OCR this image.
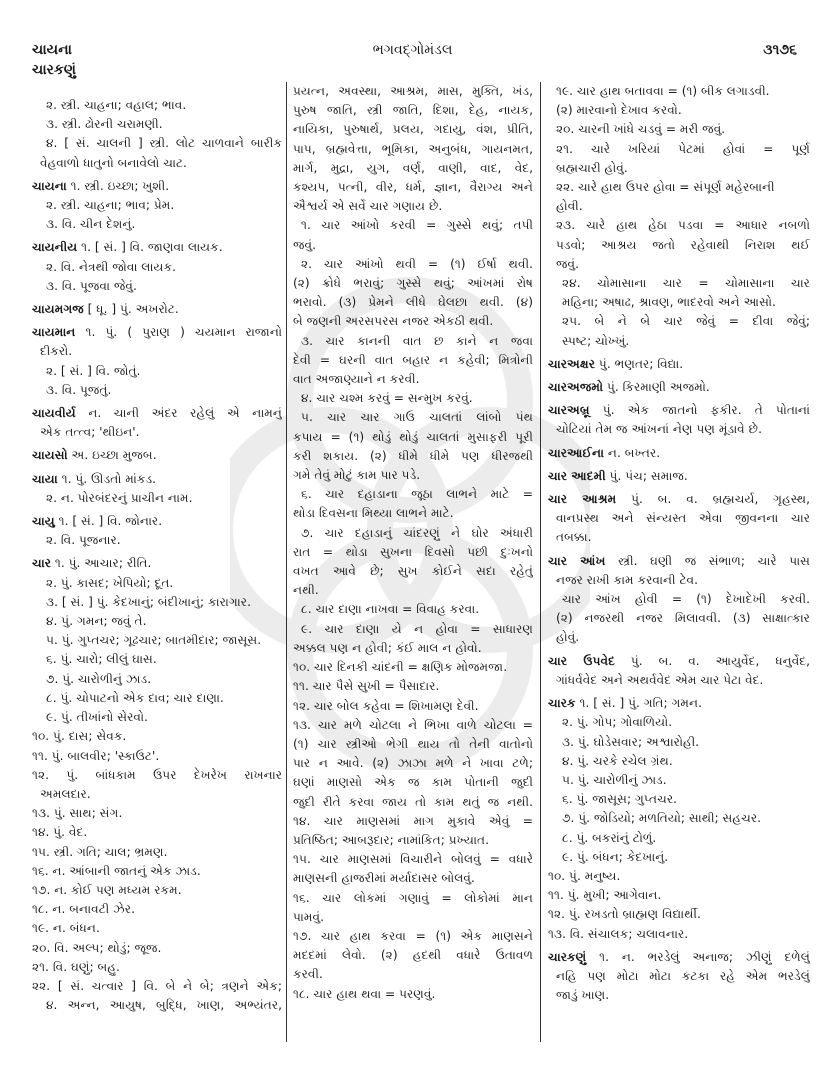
ચાયના
ચારકણું
ભગવદ્ગોમંડલ	૩૧૭૬
૨. સ્ત્રી. ચાહના; વહાલ; ભાવ.
૩. સ્ત્રી. ઢોરની ચરામણી.
૪. [ સં. ચાલની ] સ્ત્રી. લોટ ચાળવાને બારીક
વેહવાળો ધાતુનો બનાવેલો ચાટ.
ચાયના ૧. સ્ત્રી. ઇચ્છા; ખુશી.
૨. સ્ત્રી. ચાહના; ભાવ; પ્રેમ.
૩. વિ. ચીન દેશનું.
ચાયનીય ૧. [ સં. ] વિ. જાણવા લાયક.
૨. વિ. નેત્રથી જોવા લાયક.
૩. વિ. પૂજવા જેવું.
ચાયમગજ [ ધૂ. ] પું. અખરોટ.
ચાયમાન ૧. પું. ( પુરાણ ) ચયમાન રાજાનો
દીકરો.
૨. [ સં. ] વિ. જોતું.
૩. વિ. પૂજતું.
ચાયવીર્ય ન. ચાની અંદર રહેલું એ નામનું
એક તત્ત્વ; 'થીઇન'.
ચાયસો અ. ઇચ્છા મુજબ.
ચાયા ૧. પું. ઊડતો માંકડ.
૨. ન. પોરબંદરનું પ્રાચીન નામ.
ચાયુ ૧. [ સં. ] વિ. જોનાર.
૨. વિ. પૂજનાર.
ચાર ૧. પું. આચાર; રીતિ.
૨. પું. કાસદ; ખેપિયો; દૂત.
૩. [ સં. ] પું. કેદખાનું; બંદીખાનું; કારાગાર.
૪. પું. ગમન; જવું તે.
૫. પું. ગુપ્તચર; ગૂઢચાર; બાતમીદાર; જાસૂસ.
૬. પું. ચારો; લીલું ઘાસ.
૭. પું. ચારોળીનું ઝાડ.
૮. પું. ચોપાટનો એક દાવ; ચાર દાણા.
૯. પું. તીખાંનો સેરવો.
૧૦. પું. દાસ; સેવક.
૧૧. પું. બાલવીર; 'સ્કાઉટ'.
૧૨. પું. બાંધકામ ઉપર દેખરેખ રાખનાર
અમલદાર.
૧૩. પું. સાથ; સંગ.
૧૪. પું. વેદ.
૧૫. સ્ત્રી. ગતિ; ચાલ; ભ્રમણ.
૧૬. ન. આંબાની જાતનું એક ઝાડ.
૧૭. ન. કોઈ પણ મધ્યમ રકમ.
૧૮. ન. બનાવટી ઝેર.
૧૯. ન. બંધન.
૨૦. વિ. અલ્પ; થોડું; જૂજ.
૨૧. વિ. ઘણું; બહુ.
૨૨. [ સં. ચત્વાર ] વિ. બે ને બે; ત્રણને એક;
૪. અન્ન, આયુષ, બુદ્ધિ, ખાણ, અભ્યંતર,
પ્રયત્ન, અવસ્થા, આશ્રમ, માસ, મુક્તિ, ખંડ,
પુરુષ જાતિ, સ્ત્રી જાતિ, દિશા, દેહ, નાયક,
નાયિકા, પુરુષાર્થ, પ્રલય, ગદાયુ, વંશ, પ્રીતિ,
પાપ, બ્રહ્મવેત્તા, ભૂમિકા, અનુબંધ, ગાયનમત,
માર્ગ, મુદ્રા, યુગ, વર્ણ, વાણી, વાદ, વેદ,
કશ્યપ, પત્ની, વીર, ધર્મ, જ્ઞાન, વૈરાગ્ય અને
ઐશ્વર્ય એ સર્વે ચાર ગણાય છે.
૧. ચાર આંખો કરવી = ગુસ્સે થવું; તપી
જવું.
૨. ચાર આંખો થવી = (૧) ઈર્ષા થવી.
(૨) ક્રોધે ભરાવું; ગુસ્સે થવું; આંખમાં રોષ
ભરાવો. (૩) પ્રેમને લીધે ઘેલછા થવી. (૪)
બે જણની અરસપરસ નજર એકઠી થવી.
૩. ચાર કાનની વાત છ કાને ન જવા
દેવી = ઘરની વાત બહાર ન કહેવી; મિત્રોની
વાત અજાણ્યાને ન કરવી.
૪. ચાર ચશ્મ કરવું = સન્મુખ કરવું.
૫. ચાર ચાર ગાઉ ચાલતાં લાંબો પંથ
કપાય = (૧) થોડું થોડું ચાલતાં મુસાફરી પૂરી
કરી શકાય. (૨) ધીમે ધીમે પણ ધીરજથી
ગમે તેવું મોટું કામ પાર પડે.
૬. ચાર દહાડાના જૂઠા લાભને માટે =
થોડા દિવસના મિથ્યા લાભને માટે.
૭. ચાર દહાડાનું ચાંદરણું ને ઘોર અંધારી
રાત = થોડા સુખના દિવસો પછી દુઃખનો
વખત આવે છે; સુખ કોઈને સદા રહેતું
નથી.
૮. ચાર દાણા નાખવા = વિવાહ કરવા.
૯. ચાર દાણા યે ન હોવા = સાધારણ
અક્કલ પણ ન હોવી; કંઈ માલ ન હોવો.
૧૦. ચાર દિનકી ચાંદની = ક્ષણિક મોજમજા.
૧૧. ચાર પૈસે સુખી = પૈસાદાર.
૧૨. ચાર બોલ કહેવા = શિખામણ દેવી.
૧૩. ચાર મળે ચોટલા ને ભિખા વાળે ચોટલા =
(૧) ચાર સ્ત્રીઓ ભેગી થાય તો તેની વાતોનો
પાર ન આવે. (૨) ઝાઝા મળે ને ખાવા ટળે;
ઘણાં માણસો એક જ કામ પોતાની જુદી
જુદી રીતે કરવા જાય તો કામ થતું જ નથી.
૧૪. ચાર માણસમાં માગ મુકાવે એવું =
પ્રતિષ્ઠિત; આબરૂદાર; નામાંકિત; પ્રખ્યાત.
૧૫. ચાર માણસમાં વિચારીને બોલવું = વધારે
માણસની હાજરીમાં મર્યાદાસર બોલવું.
૧૬. ચાર લોકમાં ગણાવું = લોકોમાં માન
પામવું.
૧૭. ચાર હાથ કરવા = (૧) એક માણસને
મદદમાં લેવો. (૨) હદથી વધારે ઉતાવળ
કરવી.
૧૮. ચાર હાથ થવા = પરણવું.
૧૯. ચાર હાથ બતાવવા = (૧) બીક લગાડવી.
(૨) મારવાનો દેખાવ કરવો.
૨૦. ચારની ખાંધે ચડવું = મરી જવું.
૨૧. ચારે ખરિયાં પેટમાં હોવાં = પૂર્ણ
બ્રહ્મચારી હોવું.
૨૨. ચારે હાથ ઉપર હોવા = સંપૂર્ણ મહેરબાની
હોવી.
૨૩. ચારે હાથ હેઠા પડવા = આધાર નબળો
પડવો; આશ્રય જતો રહેવાથી નિરાશ થઈ
જવું.
૨૪. ચોમાસાના ચાર = ચોમાસાના ચાર
મહિના; અષાઢ, શ્રાવણ, ભાદરવો અને આસો.
૨૫. બે ને બે ચાર જેવું = દીવા જેવું;
સ્પષ્ટ; ચોખ્ખું.
ચારઅક્ષર પું. ભણતર; વિદ્યા.
ચારઅજમો પું. કિરમાણી અજમો.
ચારઅબ્રૂ પું. એક જાતનો ફકીર. તે પોતાનાં
ચોટિયાં તેમ જ આંખનાં નેણ પણ મૂંડાવે છે.
ચારઆઈના ન. બખ્તર.
ચાર આદમી પું. પંચ; સમાજ.
ચાર આશ્રમ પું. બ. વ. બ્રહ્મચર્ય, ગૃહસ્થ,
વાનપ્રસ્થ અને સંન્યસ્ત એવા જીવનના ચાર
તબક્કા.
ચાર આંખ સ્ત્રી. ઘણી જ સંભાળ; ચારે પાસ
નજર રાખી કામ કરવાની ટેવ.
ચાર આંખ હોવી = (૧) દેખાદેખી કરવી.
(૨) નજરથી નજર મિલાવવી. (૩) સાક્ષાત્કાર
હોવું.
ચાર ઉપવેદ પું. બ. વ. આયુર્વેદ, ધનુર્વેદ,
ગાંધર્વવેદ અને અથર્વવેદ એમ ચાર પેટા વેદ.
ચારક ૧. [ સં. ] પું. ગતિ; ગમન.
૨. પું. ગોપ; ગોવાળિયો.
૩. પું. ઘોડેસવાર; અશ્વારોહી.
૪. પું. ચરકે રચેલ ગ્રંથ.
૫. પું. ચારોળીનું ઝાડ.
૬. પું. જાસૂસ; ગુપ્તચર.
૭. પું. જોડિયો; મળતિયો; સાથી; સહચર.
૮. પું. બકરાંનું ટોળું.
૯. પું. બંધન; કેદખાનું.
૧૦. પું. મનુષ્ય.
૧૧. પું. મુખી; આગેવાન.
૧૨. પું. રખડતો બ્રાહ્મણ વિદ્યાર્થી.
૧૩. વિ. સંચાલક; ચલાવનાર.
ચારકણું ૧. ન. ભરડેલું અનાજ; ઝીણું દળેલું
નહિ પણ મોટા મોટા કટકા રહે એમ ભરડેલું
જાડું ખાણ.
